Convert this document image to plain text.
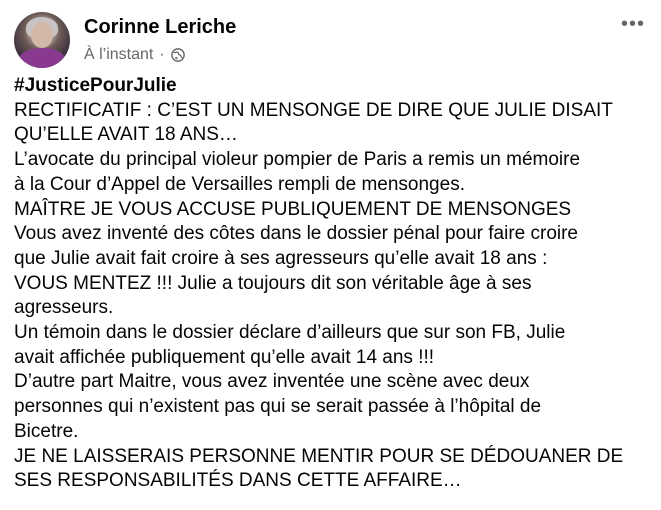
Corinne Leriche
À l’instant ·
•••
#JusticePourJulie
RECTIFICATIF : C’EST UN MENSONGE DE DIRE QUE JULIE DISAIT
QU’ELLE AVAIT 18 ANS…
L’avocate du principal violeur pompier de Paris a remis un mémoire
à la Cour d’Appel de Versailles rempli de mensonges.
MAÎTRE JE VOUS ACCUSE PUBLIQUEMENT DE MENSONGES
Vous avez inventé des côtes dans le dossier pénal pour faire croire
que Julie avait fait croire à ses agresseurs qu’elle avait 18 ans :
VOUS MENTEZ !!! Julie a toujours dit son véritable âge à ses
agresseurs.
Un témoin dans le dossier déclare d’ailleurs que sur son FB, Julie
avait affichée publiquement qu’elle avait 14 ans !!!
D’autre part Maitre, vous avez inventée une scène avec deux
personnes qui n’existent pas qui se serait passée à l’hôpital de
Bicetre.
JE NE LAISSERAIS PERSONNE MENTIR POUR SE DÉDOUANER DE
SES RESPONSABILITÉS DANS CETTE AFFAIRE…
